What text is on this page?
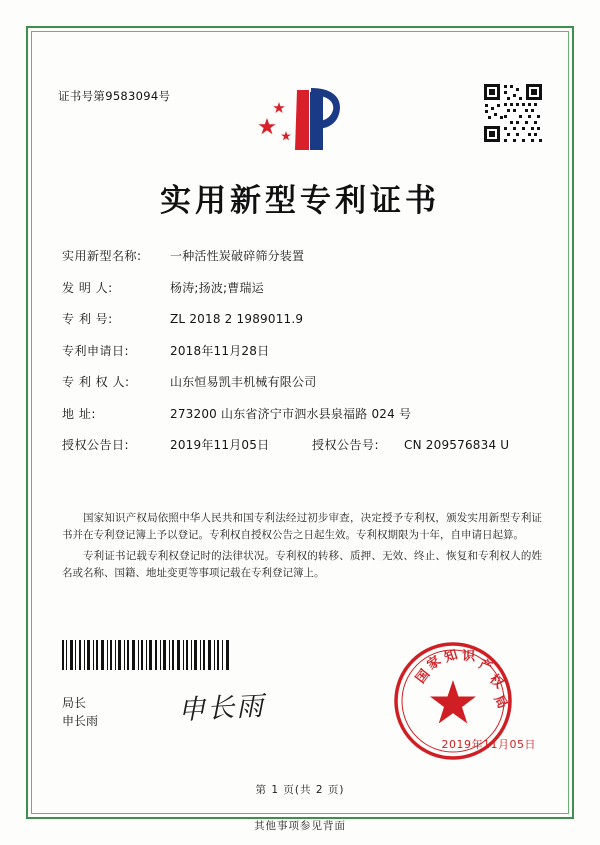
证书号第9583094号
实用新型专利证书
实用新型名称:	一种活性炭破碎筛分装置
发 明 人:	杨涛;扬波;曹瑞运
专 利 号:	ZL 2018 2 1989011.9
专利申请日:	2018年11月28日
专 利 权 人:	山东恒易凯丰机械有限公司
地 址:	273200 山东省济宁市泗水县泉福路 024 号
授权公告日:	2019年11月05日	授权公告号:	CN 209576834 U

国家知识产权局依照中华人民共和国专利法经过初步审查，决定授予专利权，颁发实用新型专利证书并在专利登记簿上予以登记。专利权自授权公告之日起生效。专利权期限为十年，自申请日起算。

专利证书记载专利权登记时的法律状况。专利权的转移、质押、无效、终止、恢复和专利权人的姓名或名称、国籍、地址变更等事项记载在专利登记簿上。

局长
申长雨	申长雨
国
家
知 识
产
权
局
2019年11月05日
第 1 页(共 2 页)
其他事项参见背面
